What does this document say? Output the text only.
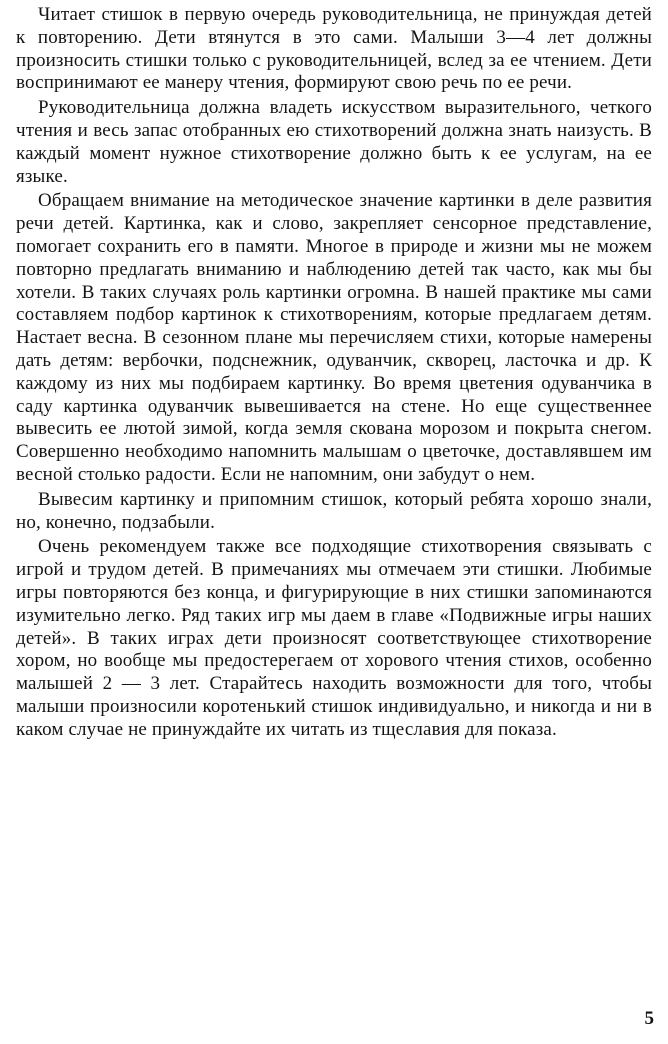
Читает стишок в первую очередь руководительница, не принуждая детей к повторению. Дети втянутся в это сами. Малыши 3—4 лет должны произносить стишки только с руководительницей, вслед за ее чтением. Дети воспринимают ее манеру чтения, формируют свою речь по ее речи.

Руководительница должна владеть искусством выразительного, четкого чтения и весь запас отобранных ею стихотворений должна знать наизусть. В каждый момент нужное стихотворение должно быть к ее услугам, на ее языке.

Обращаем внимание на методическое значение картинки в деле развития речи детей. Картинка, как и слово, закрепляет сенсорное представление, помогает сохранить его в памяти. Многое в природе и жизни мы не можем повторно предлагать вниманию и наблюдению детей так часто, как мы бы хотели. В таких случаях роль картинки огромна. В нашей практике мы сами составляем подбор картинок к стихотворениям, которые предлагаем детям. Настает весна. В сезонном плане мы перечисляем стихи, которые намерены дать детям: вербочки, подснежник, одуванчик, скворец, ласточка и др. К каждому из них мы подбираем картинку. Во время цветения одуванчика в саду картинка одуванчик вывешивается на стене. Но еще существеннее вывесить ее лютой зимой, когда земля скована морозом и покрыта снегом. Совершенно необходимо напомнить малышам о цветочке, доставлявшем им весной столько радости. Если не напомним, они забудут о нем.

Вывесим картинку и припомним стишок, который ребята хорошо знали, но, конечно, подзабыли.

Очень рекомендуем также все подходящие стихотворения связывать с игрой и трудом детей. В примечаниях мы отмечаем эти стишки. Любимые игры повторяются без конца, и фигурирующие в них стишки запоминаются изумительно легко. Ряд таких игр мы даем в главе «Подвижные игры наших детей». В таких играх дети произносят соответствующее стихотворение хором, но вообще мы предостерегаем от хорового чтения стихов, особенно малышей 2 — 3 лет. Старайтесь находить возможности для того, чтобы малыши произносили коротенький стишок индивидуально, и никогда и ни в каком случае не принуждайте их читать из тщеславия для показа.

5
